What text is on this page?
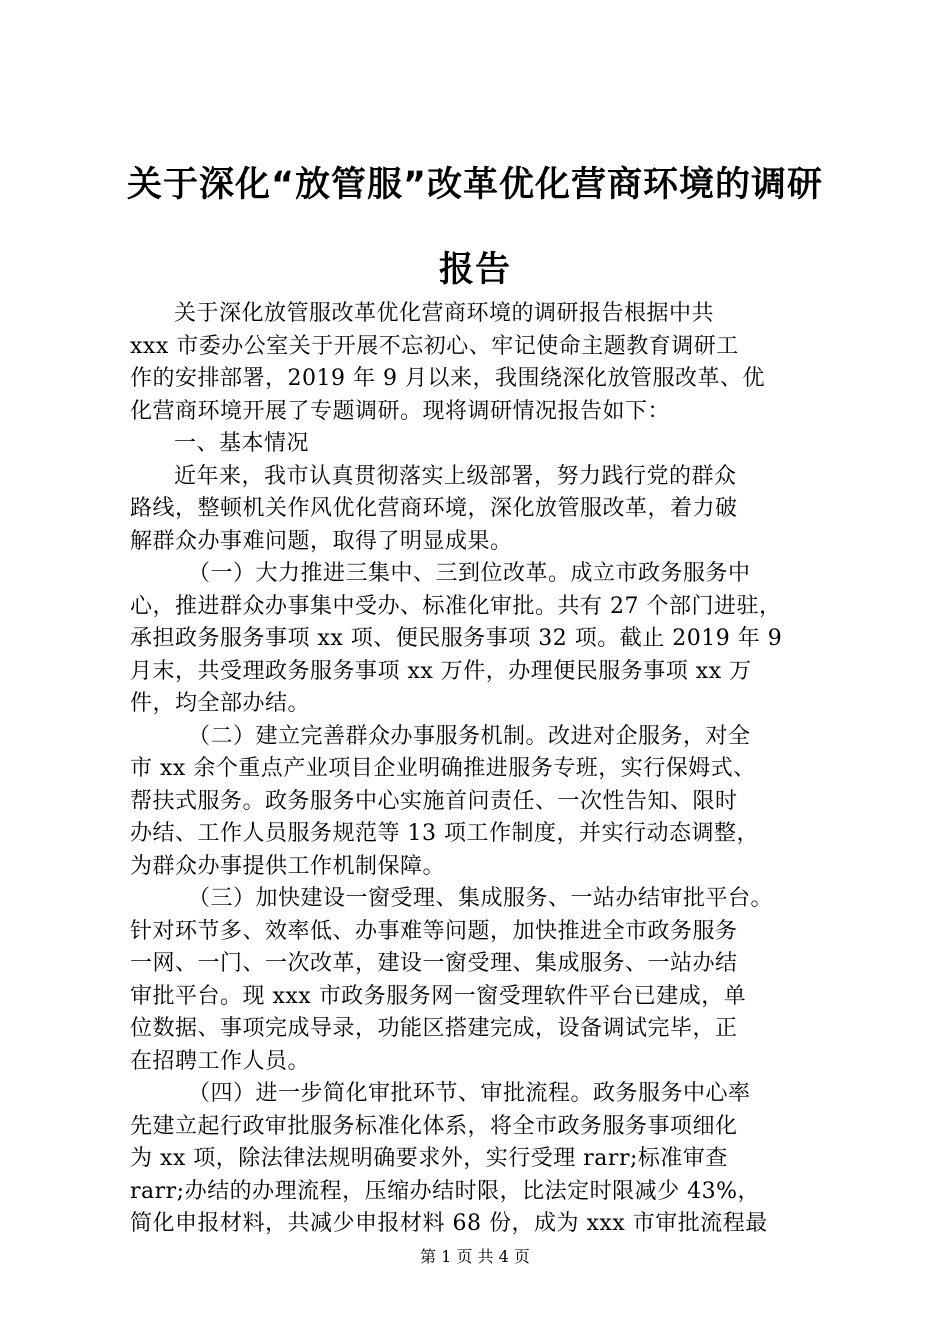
关于深化“放管服”改革优化营商环境的调研
报告
关于深化放管服改革优化营商环境的调研报告根据中共
xxx 市委办公室关于开展不忘初心、牢记使命主题教育调研工
作的安排部署，2019 年 9 月以来，我围绕深化放管服改革、优
化营商环境开展了专题调研。现将调研情况报告如下：
一、基本情况
近年来，我市认真贯彻落实上级部署，努力践行党的群众
路线，整顿机关作风优化营商环境，深化放管服改革，着力破
解群众办事难问题，取得了明显成果。
（一）大力推进三集中、三到位改革。成立市政务服务中
心，推进群众办事集中受办、标准化审批。共有 27 个部门进驻，
承担政务服务事项 xx 项、便民服务事项 32 项。截止 2019 年 9
月末，共受理政务服务事项 xx 万件，办理便民服务事项 xx 万
件，均全部办结。
（二）建立完善群众办事服务机制。改进对企服务，对全
市 xx 余个重点产业项目企业明确推进服务专班，实行保姆式、
帮扶式服务。政务服务中心实施首问责任、一次性告知、限时
办结、工作人员服务规范等 13 项工作制度，并实行动态调整，
为群众办事提供工作机制保障。
（三）加快建设一窗受理、集成服务、一站办结审批平台。
针对环节多、效率低、办事难等问题，加快推进全市政务服务
一网、一门、一次改革，建设一窗受理、集成服务、一站办结
审批平台。现 xxx 市政务服务网一窗受理软件平台已建成，单
位数据、事项完成导录，功能区搭建完成，设备调试完毕，正
在招聘工作人员。
（四）进一步简化审批环节、审批流程。政务服务中心率
先建立起行政审批服务标准化体系，将全市政务服务事项细化
为 xx 项，除法律法规明确要求外，实行受理 rarr;标准审查
rarr;办结的办理流程，压缩办结时限，比法定时限减少 43%，
简化申报材料，共减少申报材料 68 份，成为 xxx 市审批流程最
第 1 页 共 4 页
